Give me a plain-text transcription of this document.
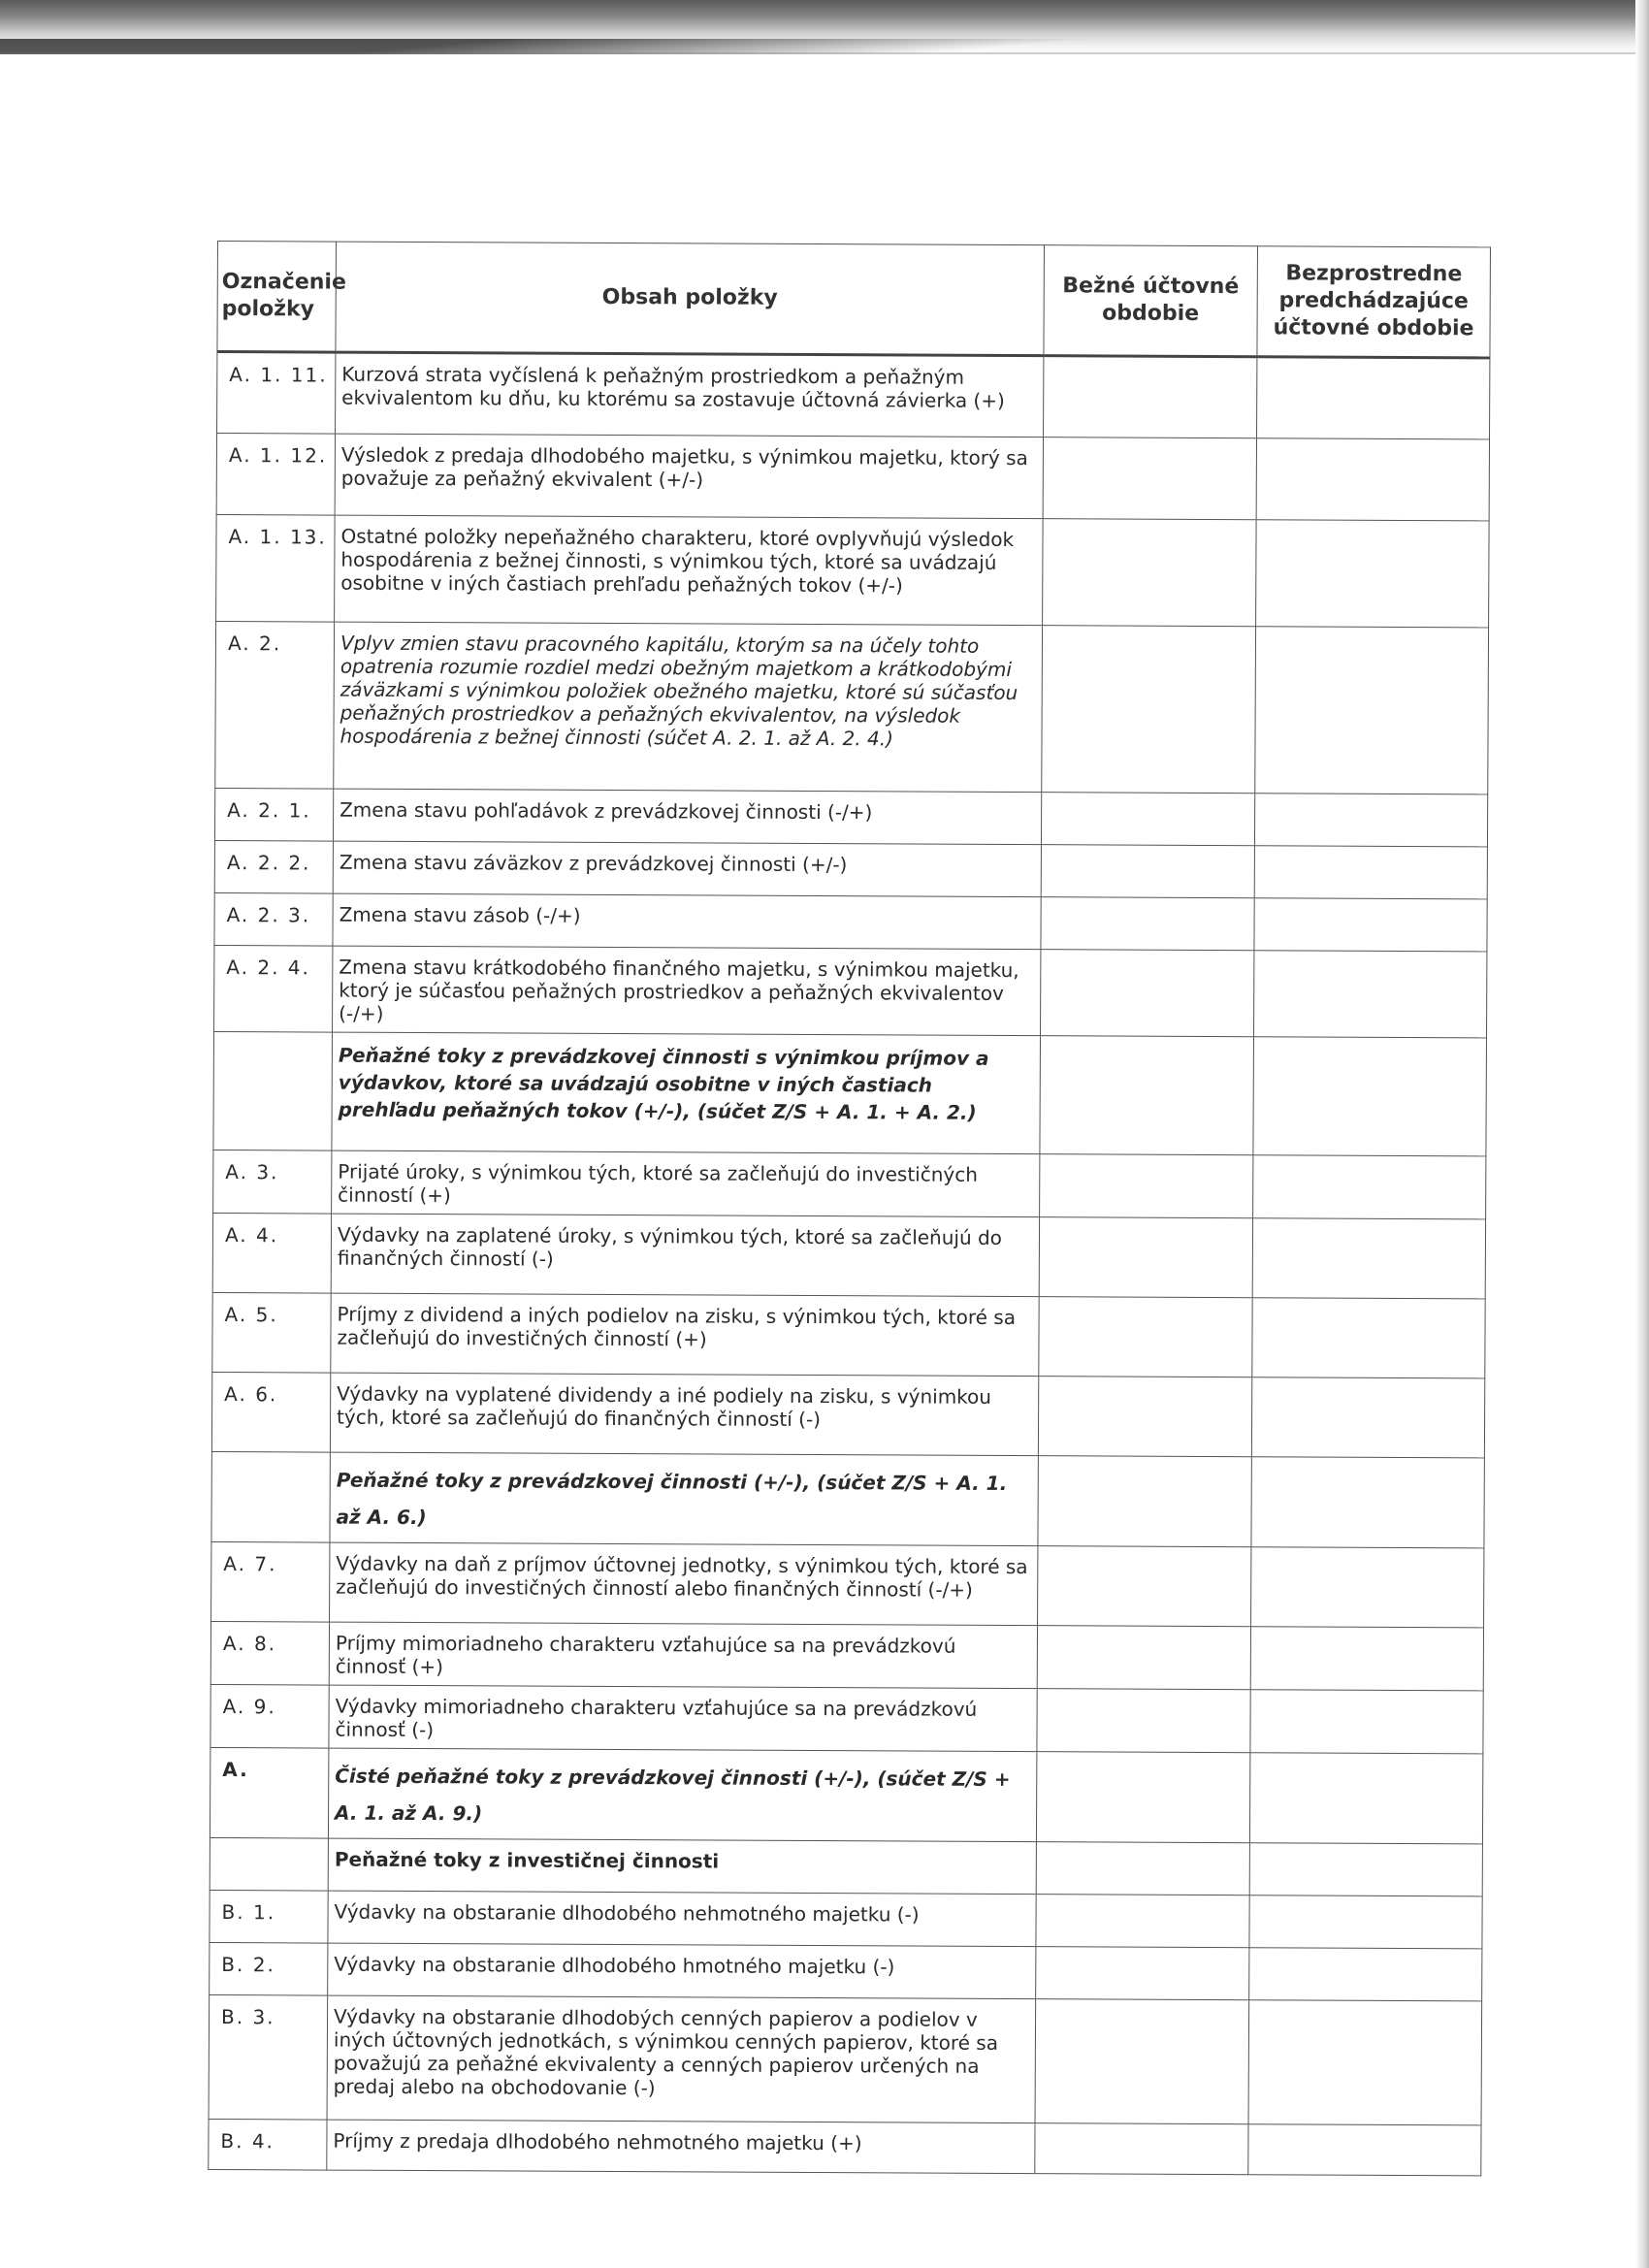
Označenie položky	Obsah položky	Bežné účtovné obdobie	Bezprostredne predchádzajúce účtovné obdobie
A. 1. 11.	Kurzová strata vyčíslená k peňažným prostriedkom a peňažným ekvivalentom ku dňu, ku ktorému sa zostavuje účtovná závierka (+)		
A. 1. 12.	Výsledok z predaja dlhodobého majetku, s výnimkou majetku, ktorý sa považuje za peňažný ekvivalent (+/-)		
A. 1. 13.	Ostatné položky nepeňažného charakteru, ktoré ovplyvňujú výsledok hospodárenia z bežnej činnosti, s výnimkou tých, ktoré sa uvádzajú osobitne v iných častiach prehľadu peňažných tokov (+/-)		
A. 2.	Vplyv zmien stavu pracovného kapitálu, ktorým sa na účely tohto opatrenia rozumie rozdiel medzi obežným majetkom a krátkodobými záväzkami s výnimkou položiek obežného majetku, ktoré sú súčasťou peňažných prostriedkov a peňažných ekvivalentov, na výsledok hospodárenia z bežnej činnosti (súčet A. 2. 1. až A. 2. 4.)		
A. 2. 1.	Zmena stavu pohľadávok z prevádzkovej činnosti (-/+)		
A. 2. 2.	Zmena stavu záväzkov z prevádzkovej činnosti (+/-)		
A. 2. 3.	Zmena stavu zásob (-/+)		
A. 2. 4.	Zmena stavu krátkodobého finančného majetku, s výnimkou majetku, ktorý je súčasťou peňažných prostriedkov a peňažných ekvivalentov (-/+)		
	Peňažné toky z prevádzkovej činnosti s výnimkou príjmov a výdavkov, ktoré sa uvádzajú osobitne v iných častiach prehľadu peňažných tokov (+/-), (súčet Z/S + A. 1. + A. 2.)		
A. 3.	Prijaté úroky, s výnimkou tých, ktoré sa začleňujú do investičných činností (+)		
A. 4.	Výdavky na zaplatené úroky, s výnimkou tých, ktoré sa začleňujú do finančných činností (-)		
A. 5.	Príjmy z dividend a iných podielov na zisku, s výnimkou tých, ktoré sa začleňujú do investičných činností (+)		
A. 6.	Výdavky na vyplatené dividendy a iné podiely na zisku, s výnimkou tých, ktoré sa začleňujú do finančných činností (-)		
	Peňažné toky z prevádzkovej činnosti (+/-), (súčet Z/S + A. 1. až A. 6.)		
A. 7.	Výdavky na daň z príjmov účtovnej jednotky, s výnimkou tých, ktoré sa začleňujú do investičných činností alebo finančných činností (-/+)		
A. 8.	Príjmy mimoriadneho charakteru vzťahujúce sa na prevádzkovú činnosť (+)		
A. 9.	Výdavky mimoriadneho charakteru vzťahujúce sa na prevádzkovú činnosť (-)		
A.	Čisté peňažné toky z prevádzkovej činnosti (+/-), (súčet Z/S + A. 1. až A. 9.)		
	Peňažné toky z investičnej činnosti		
B. 1.	Výdavky na obstaranie dlhodobého nehmotného majetku (-)		
B. 2.	Výdavky na obstaranie dlhodobého hmotného majetku (-)		
B. 3.	Výdavky na obstaranie dlhodobých cenných papierov a podielov v iných účtovných jednotkách, s výnimkou cenných papierov, ktoré sa považujú za peňažné ekvivalenty a cenných papierov určených na predaj alebo na obchodovanie (-)		
B. 4.	Príjmy z predaja dlhodobého nehmotného majetku (+)		
